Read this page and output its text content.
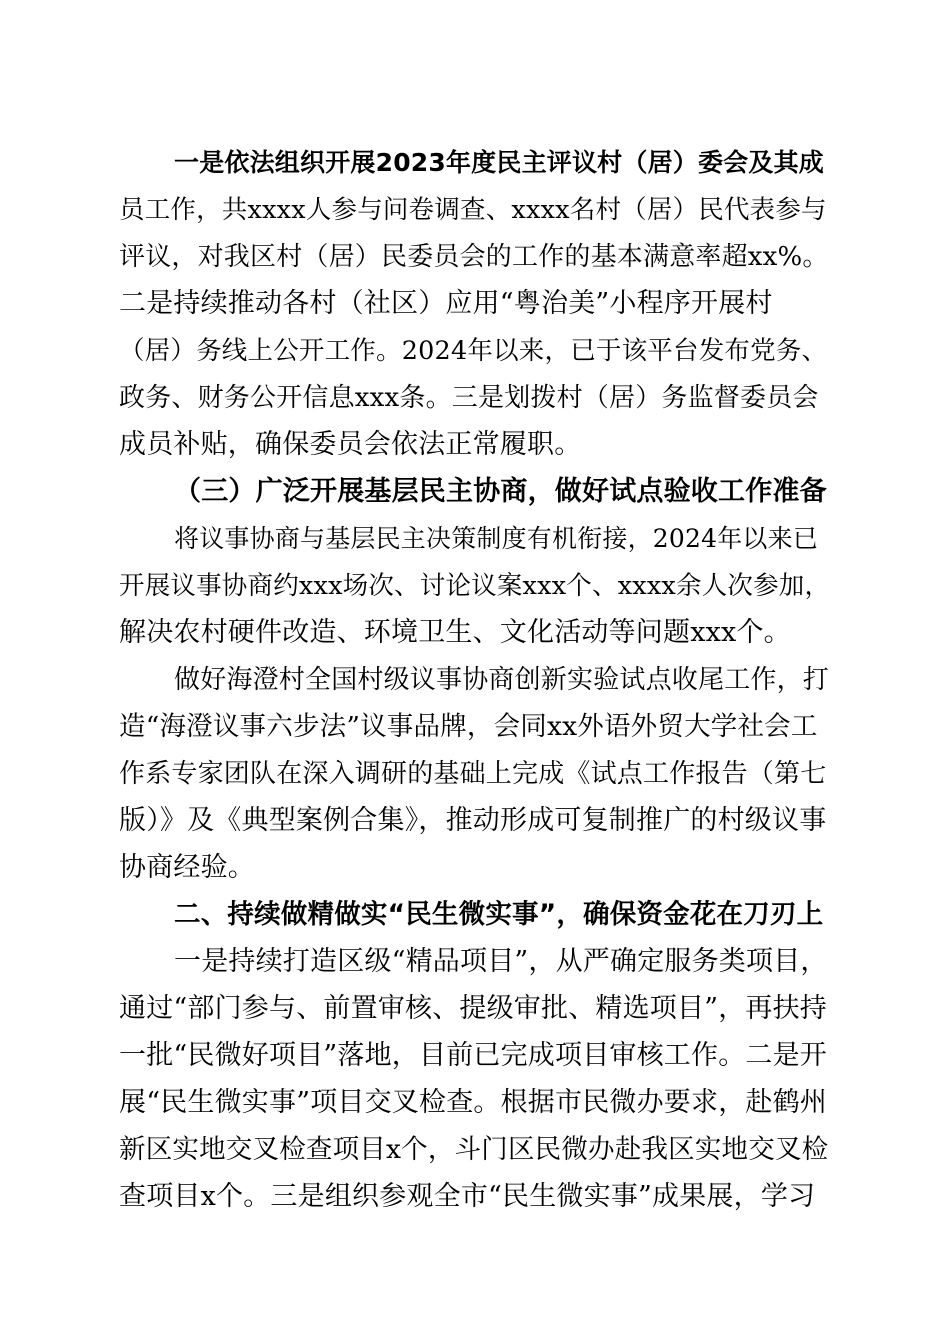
一是依法组织开展2023年度民主评议村（居）委会及其成
员工作，共xxxx人参与问卷调查、xxxx名村（居）民代表参与
评议，对我区村（居）民委员会的工作的基本满意率超xx%。
二是持续推动各村（社区）应用“粤治美”小程序开展村
（居）务线上公开工作。2024年以来，已于该平台发布党务、
政务、财务公开信息xxx条。三是划拨村（居）务监督委员会
成员补贴，确保委员会依法正常履职。
（三）广泛开展基层民主协商，做好试点验收工作准备
将议事协商与基层民主决策制度有机衔接，2024年以来已
开展议事协商约xxx场次、讨论议案xxx个、xxxx余人次参加，
解决农村硬件改造、环境卫生、文化活动等问题xxx个。
做好海澄村全国村级议事协商创新实验试点收尾工作，打
造“海澄议事六步法”议事品牌，会同xx外语外贸大学社会工
作系专家团队在深入调研的基础上完成《试点工作报告（第七
版）》及《典型案例合集》，推动形成可复制推广的村级议事
协商经验。
二、持续做精做实“民生微实事”，确保资金花在刀刃上
一是持续打造区级“精品项目”，从严确定服务类项目，
通过“部门参与、前置审核、提级审批、精选项目”，再扶持
一批“民微好项目”落地，目前已完成项目审核工作。二是开
展“民生微实事”项目交叉检查。根据市民微办要求，赴鹤州
新区实地交叉检查项目x个，斗门区民微办赴我区实地交叉检
查项目x个。三是组织参观全市“民生微实事”成果展，学习
